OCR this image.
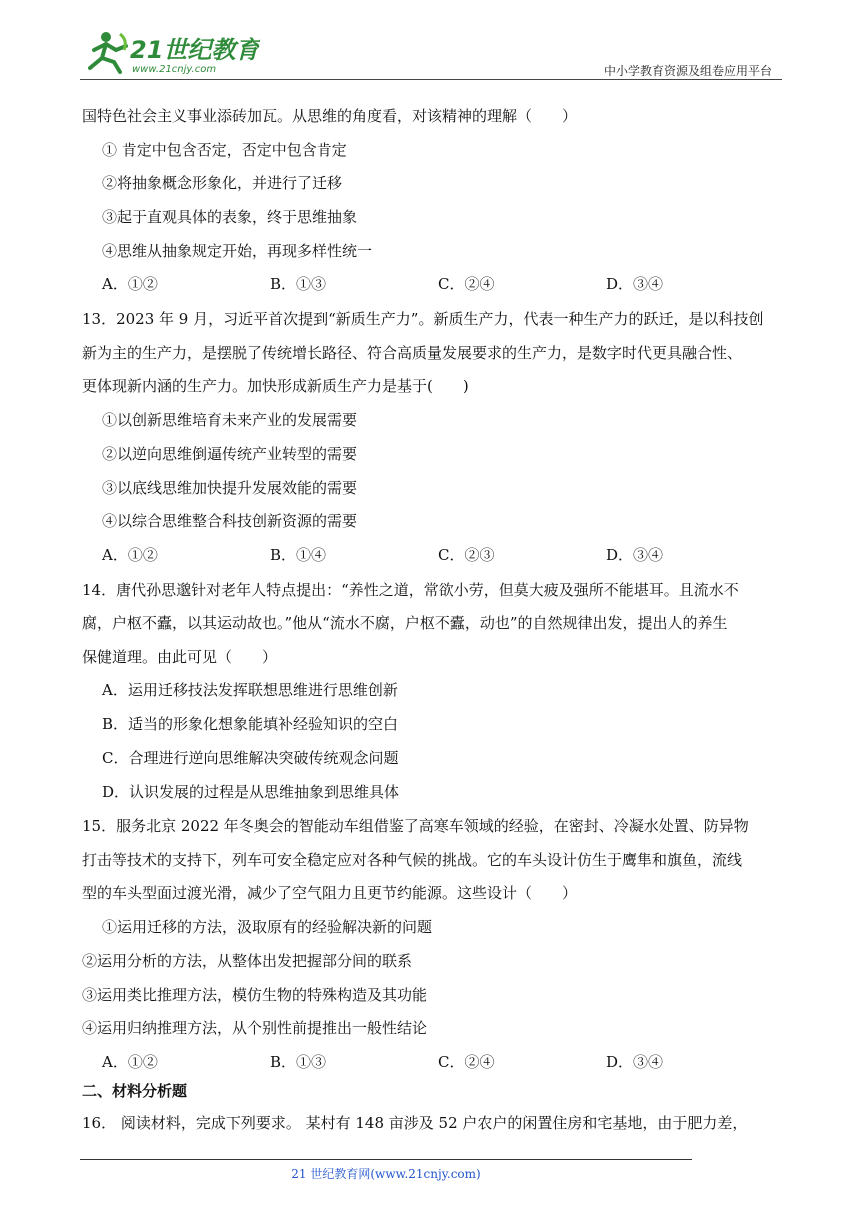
21世纪教育
www.21cnjy.com	中小学教育资源及组卷应用平台
国特色社会主义事业添砖加瓦。从思维的角度看，对该精神的理解（　　）
① 肯定中包含否定，否定中包含肯定
②将抽象概念形象化，并进行了迁移
③起于直观具体的表象，终于思维抽象
④思维从抽象规定开始，再现多样性统一
A．①②	B．①③	C．②④	D．③④
13．2023 年 9 月，习近平首次提到“新质生产力”。新质生产力，代表一种生产力的跃迁，是以科技创
新为主的生产力，是摆脱了传统增长路径、符合高质量发展要求的生产力，是数字时代更具融合性、
更体现新内涵的生产力。加快形成新质生产力是基于(　　)
①以创新思维培育未来产业的发展需要
②以逆向思维倒逼传统产业转型的需要
③以底线思维加快提升发展效能的需要
④以综合思维整合科技创新资源的需要
A．①②	B．①④	C．②③	D．③④
14．唐代孙思邈针对老年人特点提出：“养性之道，常欲小劳，但莫大疲及强所不能堪耳。且流水不
腐，户枢不蠹，以其运动故也。”他从“流水不腐，户枢不蠹，动也”的自然规律出发，提出人的养生
保健道理。由此可见（　　）
A．运用迁移技法发挥联想思维进行思维创新
B．适当的形象化想象能填补经验知识的空白
C．合理进行逆向思维解决突破传统观念问题
D．认识发展的过程是从思维抽象到思维具体
15．服务北京 2022 年冬奥会的智能动车组借鉴了高寒车领域的经验，在密封、冷凝水处置、防异物
打击等技术的支持下，列车可安全稳定应对各种气候的挑战。它的车头设计仿生于鹰隼和旗鱼，流线
型的车头型面过渡光滑，减少了空气阻力且更节约能源。这些设计（　　）
①运用迁移的方法，汲取原有的经验解决新的问题
②运用分析的方法，从整体出发把握部分间的联系
③运用类比推理方法，模仿生物的特殊构造及其功能
④运用归纳推理方法，从个别性前提推出一般性结论
A．①②	B．①③	C．②④	D．③④
二、材料分析题
16． 阅读材料，完成下列要求。 某村有 148 亩涉及 52 户农户的闲置住房和宅基地，由于肥力差，
21 世纪教育网(www.21cnjy.com)
